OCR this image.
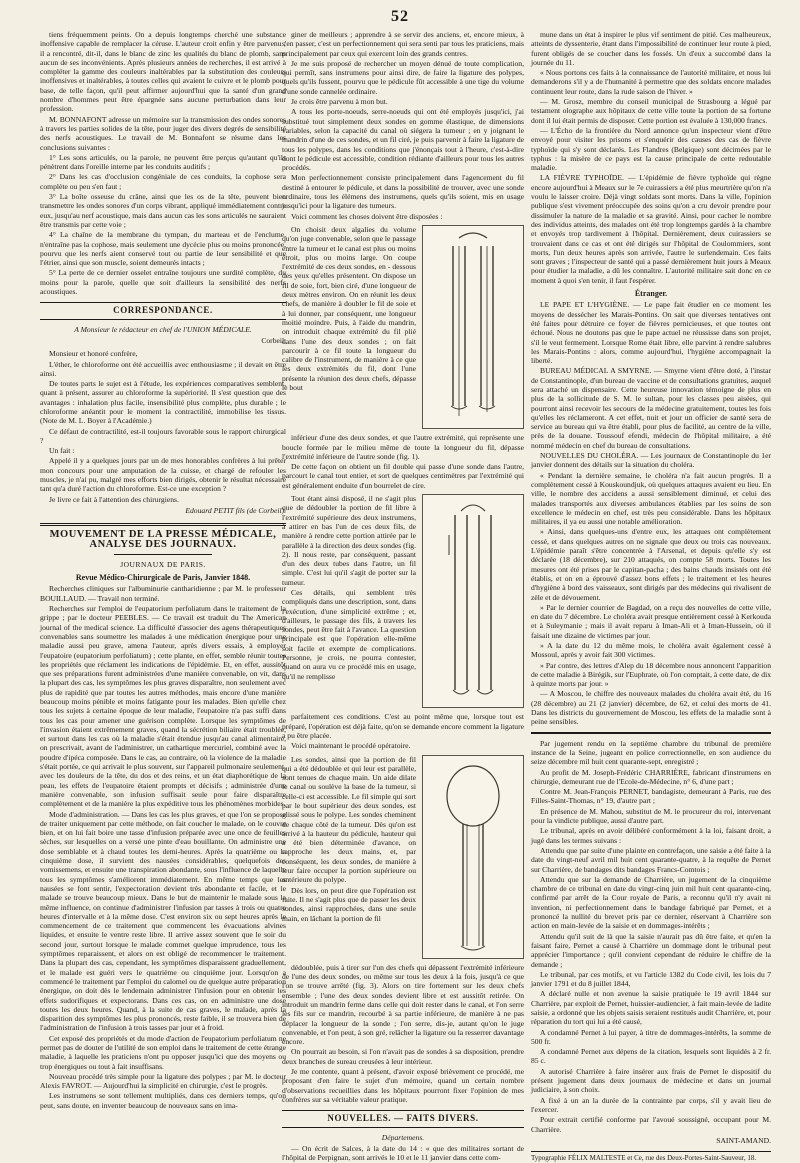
52

tiens fréquemment peints. On a depuis longtemps cherché une substance inoffensive capable de remplacer la céruse. L'auteur croit enfin y être parvenu ; il a rencontré, dit-il, dans le blanc de zinc les qualités du blanc de plomb, sans aucun de ses inconvénients. Après plusieurs années de recherches, il est arrivé à compléter la gamme des couleurs inaltérables par la substitution des couleurs inoffensives et inaltérables, à toutes celles qui avaient le cuivre et le plomb pour base, de telle façon, qu'il peut affirmer aujourd'hui que la santé d'un grand nombre d'hommes peut être épargnée sans aucune perturbation dans leur profession.

M. BONNAFONT adresse un mémoire sur la transmission des ondes sonores à travers les parties solides de la tête, pour juger des divers degrés de sensibilité des nerfs acoustiques. Le travail de M. Bonnafont se résume dans les conclusions suivantes :

1° Les sons articulés, ou la parole, ne peuvent être perçus qu'autant qu'ils pénètrent dans l'oreille interne par les conduits auditifs ;

2° Dans les cas d'occlusion congéniale de ces conduits, la cophose sera complète ou peu s'en faut ;

3° La boîte osseuse du crâne, ainsi que les os de la tête, peuvent bien transmettre les ondes sonores d'un corps vibrant, appliqué immédiatement contre eux, jusqu'au nerf acoustique, mais dans aucun cas les sons articulés ne sauraient être transmis par cette voie ;

4° La chaîne de la membrane du tympan, du marteau et de l'enclume, n'entraîne pas la cophose, mais seulement une dycécie plus ou moins prononcée, pourvu que les nerfs aient conservé tout ou partie de leur sensibilité et que l'étrier, ainsi que son muscle, soient demeurés intacts ;

5° La perte de ce dernier osselet entraîne toujours une surdité complète, du moins pour la parole, quelle que soit d'ailleurs la sensibilité des nerfs acoustiques.

CORRESPONDANCE.
A Monsieur le rédacteur en chef de l'UNION MÉDICALE.
Corbeil.

Monsieur et honoré confrère,

L'éther, le chloroforme ont été accueillis avec enthousiasme ; il devait en être ainsi.

De toutes parts le sujet est à l'étude, les expériences comparatives semblent, quant à présent, assurer au chloroforme la supériorité. Il s'est question que des avantages : inhalation plus facile, insensibilité plus complète, plus durable ; le chloroforme anéantit pour le moment la contractilité, immobilise les tissus. (Note de M. L. Boyer à l'Académie.)

Ce défaut de contractilité, est-il toujours favorable sous le rapport chirurgical ?

Un fait :

Appelé il y a quelques jours par un de mes honorables confrères à lui prêter mon concours pour une amputation de la cuisse, et chargé de refouler les muscles, je n'ai pu, malgré mes efforts bien dirigés, obtenir le résultat nécessaire tant qu'a duré l'action du chloroforme. Est-ce une exception ?

Je livre ce fait à l'attention des chirurgiens.

Edouard PETIT fils (de Corbeil).
MOUVEMENT DE LA PRESSE MÉDICALE, ANALYSE DES JOURNAUX.
JOURNAUX DE PARIS.
Revue Médico-Chirurgicale de Paris, Janvier 1848.

Recherches cliniques sur l'albuminurie cantharidienne ; par M. le professeur BOUILLAUD. — Travail non terminé.

Recherches sur l'emploi de l'eupatorium perfoliatum dans le traitement de la grippe ; par le docteur PEEBLES. — Ce travail est traduit du The American journal of the medical science. La difficulté d'associer des agens thérapeutiques convenables sans soumettre les malades à une médication énergique pour une maladie aussi peu grave, amena l'auteur, après divers essais, à employer l'eupatoire (eupatorium perfoliatum) ; cette plante, en effet, semble réunir toutes les propriétés que réclament les indications de l'épidémie. Et, en effet, aussitôt que ses préparations furent administrées d'une manière convenable, on vit, dans la plupart des cas, les symptômes les plus graves disparaître, non seulement avec plus de rapidité que par toutes les autres méthodes, mais encore d'une manière beaucoup moins pénible et moins fatigante pour les malades. Bien qu'elle chez tous les sujets à certaine époque de leur maladie, l'eupatoire n'a pas suffi dans tous les cas pour amener une guérison complète. Lorsque les symptômes de l'invasion étaient extrêmement graves, quand la sécrétion biliaire était troublée, et surtout dans les cas où la maladie s'était étendue jusqu'au canal alimentaire, on prescrivait, avant de l'administrer, un cathartique mercuriel, combiné avec la poudre d'ipéca composée. Dans le cas, au contraire, où la violence de la maladie s'était portée, ce qui arrivait le plus souvent, sur l'appareil pulmonaire seulement, avec les douleurs de la tête, du dos et des reins, et un état diaphorétique de la peau, les effets de l'eupatoire étaient prompts et décisifs ; administrée d'une manière convenable, son infusion suffisait seule pour faire disparaître complètement et de la manière la plus expéditive tous les phénomènes morbides.

Mode d'administration. — Dans les cas les plus graves, et que l'on se propose de traiter uniquement par cette méthode, on fait coucher le malade, on le couvre bien, et on lui fait boire une tasse d'infusion préparée avec une once de feuilles sèches, sur lesquelles on a versé une pinte d'eau bouillante. On administre une dose semblable et à chaud toutes les demi-heures. Après la quatrième ou la cinquième dose, il survient des nausées considérables, quelquefois des vomissemens, et ensuite une transpiration abondante, sous l'influence de laquelle tous les symptômes s'améliorent immédiatement. En même temps que les nausées se font sentir, l'expectoration devient très abondante et facile, et le malade se trouve beaucoup mieux. Dans le but de maintenir le malade sous la même influence, on continue d'administrer l'infusion par tasses à trois ou quatre heures d'intervalle et à la même dose. C'est environ six ou sept heures après le commencement de ce traitement que commencent les évacuations alvines liquides, et ensuite le ventre reste libre. Il arrive assez souvent que le soir du second jour, surtout lorsque le malade commet quelque imprudence, tous les symptômes reparaissent, et alors on est obligé de recommencer le traitement. Dans la plupart des cas, cependant, les symptômes disparaissent graduellement, et le malade est guéri vers le quatrième ou cinquième jour. Lorsqu'on a commencé le traitement par l'emploi du calomel ou de quelque autre préparation énergique, on doit dès le lendemain administrer l'infusion pour en obtenir les effets sudorifiques et expectorans. Dans ces cas, on en administre une dose toutes les deux heures. Quand, à la suite de cas graves, le malade, après la disparition des symptômes les plus prononcés, reste faible, il se trouvera bien de l'administration de l'infusion à trois tasses par jour et à froid.

Cet exposé des propriétés et du mode d'action de l'eupatorium perfoliatum ne permet pas de douter de l'utilité de son emploi dans le traitement de cette étrange maladie, à laquelle les praticiens n'ont pu opposer jusqu'ici que des moyens ou trop énergiques ou tout à fait insuffisans.

Nouveau procédé très simple pour la ligature des polypes ; par M. le docteur Alexis FAVROT. — Aujourd'hui la simplicité en chirurgie, c'est le progrès.

Les instrumens se sont tellement multipliés, dans ces derniers temps, qu'on peut, sans doute, en inventer beaucoup de nouveaux sans en ima-

giner de meilleurs ; apprendre à se servir des anciens, et, encore mieux, à s'en passer, c'est un perfectionnement qui sera senti par tous les praticiens, mais principalement par ceux qui exercent loin des grands centres.

Je me suis proposé de rechercher un moyen dénué de toute complication, qui permît, sans instrumens pour ainsi dire, de faire la ligature des polypes, quels qu'ils fussent, pourvu que le pédicule fût accessible à une tige du volume d'une sonde cannelée ordinaire.

Je crois être parvenu à mon but.

A tous les porte-noeuds, serre-noeuds qui ont été employés jusqu'ici, j'ai substitué tout simplement deux sondes en gomme élastique, de dimensions variables, selon la capacité du canal où siégera la tumeur ; en y joignant le mandrin d'une de ces sondes, et un fil ciré, je puis parvenir à faire la ligature de tous les polypes, dans les conditions que j'énonçais tout à l'heure, c'est-à-dire dont le pédicule est accessible, condition rédiante d'ailleurs pour tous les autres procédés.

Mon perfectionnement consiste principalement dans l'agencement du fil destiné à entourer le pédicule, et dans la possibilité de trouver, avec une sonde ordinaire, tous les élémens des instrumens, quels qu'ils soient, mis en usage jusqu'ici pour la ligature des tumeurs.

Voici comment les choses doivent être disposées :

On choisit deux algalies du volume qu'on juge convenable, selon que le passage entre la tumeur et le canal est plus ou moins étroit, plus ou moins large. On coupe l'extrémité de ces deux sondes, en - dessous des yeux qu'elles présentent. On dispose un fil de soie, fort, bien ciré, d'une longueur de deux mètres environ. On en réunit les deux chefs, de manière à doubler le fil de soie et à lui donner, par conséquent, une longueur moitié moindre. Puis, à l'aide du mandrin, on introduit chaque extrémité du fil plié dans l'une des deux sondes ; on fait parcourir à ce fil toute la longueur du calibre de l'instrument, de manière à ce que les deux extrémités du fil, dont l'une présente la réunion des deux chefs, dépasse le bout

inférieur d'une des deux sondes, et que l'autre extrémité, qui représente une boucle formée par le milieu même de toute la longueur du fil, dépasse l'extrémité inférieure de l'autre sonde (fig. 1).

De cette façon on obtient un fil double qui passe d'une sonde dans l'autre, parcourt le canal tout entier, et sort de quelques centimètres par l'extrémité qui est généralement enduite d'un bourrelet de cire.

Tout étant ainsi disposé, il ne s'agit plus que de dédoubler la portion de fil libre à l'extrémité supérieure des deux instrumens, à attirer en bas l'un de ces deux fils, de manière à rendre cette portion attirée par le parallèle à la direction des deux sondes (fig. 2). Il nous reste, par conséquent, passant d'un des deux tubes dans l'autre, un fil simple. C'est lui qu'il s'agit de porter sur la tumeur.

Ces détails, qui semblent très compliqués dans une description, sont, dans l'exécution, d'une simplicité extrême ; et, d'ailleurs, le passage des fils, à travers les sondes, peut être fait à l'avance. La question principale est que l'opération elle-même soit facile et exempte de complications. Personne, je crois, ne pourra contester, quand on aura vu ce procédé mis en usage, qu'il ne remplisse

parfaitement ces conditions. C'est au point même que, lorsque tout est préparé, l'opération est déjà faite, qu'on se demande encore comment la ligature a pu être placée.

Voici maintenant le procédé opératoire.

Les sondes, ainsi que la portion de fil qui a été dédoublée et qui leur est parallèle, sont tenues de chaque main. Un aide dilate le canal ou soulève la base de la tumeur, si celle-ci est accessible. Le fil simple qui sort par le bout supérieur des deux sondes, est glissé sous le polype. Les sondes cheminent de chaque côté de la tumeur. Dès qu'on est arrivé à la hauteur du pédicule, hauteur qui a été bien déterminée d'avance, on rapproche les deux mains, et, par conséquent, les deux sondes, de manière à leur faire occuper la portion supérieure ou antérieure du polype.

Dès lors, on peut dire que l'opération est faite. Il ne s'agit plus que de passer les deux sondes, ainsi rapprochées, dans une seule main, en lâchant la portion de fil

dédoublée, puis à tirer sur l'un des chefs qui dépassent l'extrémité inférieure de l'une des deux sondes, ou même sur tous les deux à la fois, jusqu'à ce que l'on se trouve arrêté (fig. 3). Alors on tire fortement sur les deux chefs ensemble ; l'une des deux sondes devient libre et est aussitôt retirée. On introduit un mandrin ferme dans celle qui doit rester dans le canal, et l'on serre les fils sur ce mandrin, recourbé à sa partie inférieure, de manière à ne pas déplacer la longueur de la sonde ; l'on serre, dis-je, autant qu'on le juge convenable, et l'on peut, à son gré, relâcher la ligature ou la resserrer davantage encore.

On pourrait au besoin, si l'on n'avait pas de sondes à sa disposition, prendre deux branches de sureau creusées à leur intérieur.

Je me contente, quant à présent, d'avoir exposé brièvement ce procédé, me proposant d'en faire le sujet d'un mémoire, quand un certain nombre d'observations recueillies dans les hôpitaux pourront fixer l'opinion de mes confrères sur sa véritable valeur pratique.

NOUVELLES. — FAITS DIVERS.
Départemens.

— On écrit de Salces, à la date du 14 : « que des militaires sortant de l'hôpital de Perpignan, sont arrivés le 10 et le 11 janvier dans cette com-

mune dans un état à inspirer le plus vif sentiment de pitié. Ces malheureux, atteints de dyssenterie, étant dans l'impossibilité de continuer leur route à pied, furent obligés de se coucher dans les fossés. Un d'eux a succombé dans la journée du 11.

« Nous portons ces faits à la connaissance de l'autorité militaire, et nous lui demanderons s'il y a de l'humanité à permettre que des soldats encore malades continuent leur route, dans la rude saison de l'hiver. »

— M. Grosz, membre du conseil municipal de Strasbourg a légué par testament olographe aux hôpitaux de cette ville toute la portion de sa fortune dont il lui était permis de disposer. Cette portion est évaluée à 130,000 francs.

— L'Écho de la frontière du Nord annonce qu'un inspecteur vient d'être envoyé pour visiter les prisons et s'enquérir des causes des cas de fièvre typhoïde qui s'y sont déclarés. Les Flandres (Belgique) sont décimées par le typhus : la misère de ce pays est la cause principale de cette redoutable maladie.

LA FIÈVRE TYPHOÏDE. — L'épidémie de fièvre typhoïde qui règne encore aujourd'hui à Meaux sur le 7e cuirassiers a été plus meurtrière qu'on n'a voulu le laisser croire. Déjà vingt soldats sont morts. Dans la ville, l'opinion publique s'est vivement préoccupée des soins qu'on a cru devoir prendre pour dissimuler la nature de la maladie et sa gravité. Ainsi, pour cacher le nombre des individus atteints, des malades ont été trop longtemps gardés à la chambre et envoyés trop tardivement à l'hôpital. Dernièrement, deux cuirassiers se trouvaient dans ce cas et ont été dirigés sur l'hôpital de Coulommiers, sont morts, l'un deux heures après son arrivée, l'autre le surlendemain. Ces faits sont graves ; l'inspecteur de santé qui a passé dernièrement huit jours à Meaux pour étudier la maladie, a dû les connaître. L'autorité militaire sait donc en ce moment à quoi s'en tenir, il faut l'espérer.

Étranger.

LE PAPE ET L'HYGIÈNE. — Le pape fait étudier en ce moment les moyens de dessécher les Marais-Pontins. On sait que diverses tentatives ont été faites pour détruire ce foyer de fièvres pernicieuses, et que toutes ont échoué. Nous ne doutons pas que le pape actuel ne réussisse dans son projet, s'il le veut fermement. Lorsque Rome était libre, elle parvint à rendre salubres les Marais-Pontins : alors, comme aujourd'hui, l'hygiène accompagnait la liberté.

BUREAU MÉDICAL A SMYRNE. — Smyrne vient d'être doté, à l'instar de Constantinople, d'un bureau de vaccine et de consultations gratuites, auquel sera attaché un dispensaire. Cette heureuse innovation témoigne de plus en plus de la sollicitude de S. M. le sultan, pour les classes peu aisées, qui pourront ainsi recevoir les secours de la médecine gratuitement, toutes les fois qu'elles les réclameront. A cet effet, nuit et jour un officier de santé sera de service au bureau qui va être établi, pour plus de facilité, au centre de la ville, près de la douane. Toussouf efendi, médecin de l'hôpital militaire, a été nommé médecin en chef du bureau de consultations.

NOUVELLES DU CHOLÉRA. — Les journaux de Constantinople du 1er janvier donnent des détails sur la situation du choléra.

« Pendant la dernière semaine, le choléra n'a fait aucun progrès. Il a complètement cessé à Kouskoundjuk, où quelques attaques avaient eu lieu. En ville, le nombre des accidens a aussi sensiblement diminué, et celui des malades transportés aux diverses ambulances établies par les soins de son excellence le médecin en chef, est très peu considérable. Dans les hôpitaux militaires, il ya eu aussi une notable amélioration.

» Ainsi, dans quelques-uns d'entre eux, les attaques ont complètement cessé, et dans quelques autres on ne signale que deux ou trois cas nouveaux. L'épidémie paraît s'être concentrée à l'Arsenal, et depuis qu'elle s'y est déclarée (18 décembre), sur 210 attaqués, on compte 58 morts. Toutes les mesures ont été prises par le capitan-pacha ; des bains chauds insistés ont été établis, et on en a éprouvé d'assez bons effets ; le traitement et les heures d'hygiène à bord des vaisseaux, sont dirigés par des médecins qui rivalisent de zèle et de dévouement.

» Par le dernier courrier de Bagdad, on a reçu des nouvelles de cette ville, en date du 7 décembre. Le choléra avait presque entièrement cessé à Kerkouda et à Suleymanie ; mais il avait reparu à Iman-Ali et à Iman-Hussein, où il faisait une dizaine de victimes par jour.

» A la date du 12 du même mois, le choléra avait également cessé à Mossoul, après y avoir fait 300 victimes.

» Par contre, des lettres d'Alep du 18 décembre nous annoncent l'apparition de cette maladie à Birégik, sur l'Euphrate, où l'on comptait, à cette date, de dix à quinze morts par jour. »

— A Moscou, le chiffre des nouveaux malades du choléra avait été, du 16 (28 décembre) au 21 (2 janvier) décembre, de 62, et celui des morts de 41. Dans les districts du gouvernement de Moscou, les effets de la maladie sont à peine sensibles.

Par jugement rendu en la septième chambre du tribunal de première instance de la Seine, jugeant en police correctionnelle, en son audience du seize décembre mil huit cent quarante-sept, enregistré ;

Au profit de M. Joseph-Frédéric CHARRIÈRE, fabricant d'instrumens en chirurgie, demeurant rue de l'Ecole-de-Médecine, n° 6, d'une part ;

Contre M. Jean-François PERNET, bandagiste, demeurant à Paris, rue des Filles-Saint-Thomas, n° 19, d'autre part ;

En présence de M. Mahou, substitut de M. le procureur du roi, intervenant pour la vindicte publique, aussi d'autre part.

Le tribunal, après en avoir délibéré conformément à la loi, faisant droit, a jugé dans les termes suivans :

Attendu que par suite d'une plainte en contrefaçon, une saisie a été faite à la date du vingt-neuf avril mil huit cent quarante-quatre, à la requête de Pernet sur Charrière, de bandages dits bandages Francs-Comtois ;

Attendu que sur la demande de Charrière, un jugement de la cinquième chambre de ce tribunal en date du vingt-cinq juin mil huit cent quarante-cinq, confirmé par arrêt de la Cour royale de Paris, a reconnu qu'il n'y avait ni invention, ni perfectionnement dans le bandage fabriqué par Pernet, et a prononcé la nullité du brevet pris par ce dernier, réservant à Charrière son action en main-levée de la saisie et en dommages-intérêts ;

Attendu qu'il suit de là que la saisie n'aurait pas dû être faite, et qu'en la faisant faire, Pernet a causé à Charrière un dommage dont le tribunal peut apprécier l'importance ; qu'il convient cependant de réduire le chiffre de la demande ;

Le tribunal, par ces motifs, et vu l'article 1382 du Code civil, les lois du 7 janvier 1791 et du 8 juillet 1844,

A déclaré nulle et non avenue la saisie pratiquée le 19 avril 1844 sur Charrière, par exploit de Pernet, huissier-audiencier, à fait main-levée de ladite saisie, a ordonné que les objets saisis seraient restitués audit Charrière, et, pour réparation du tort qui lui a été causé,

A condamné Pernet à lui payer, à titre de dommages-intérêts, la somme de 500 fr.

A condamné Pernet aux dépens de la citation, lesquels sont liquidés à 2 fr. 85 c.

A autorisé Charrière à faire insérer aux frais de Pernet le dispositif du présent jugement dans deux journaux de médecine et dans un journal judiciaire, à son choix.

A fixé à un an la durée de la contrainte par corps, s'il y avait lieu de l'exercer.

Pour extrait certifié conforme par l'avoué soussigné, occupant pour M. Charrière.

SAINT-AMAND.
Typographie FÉLIX MALTESTE et Ce, rue des Deux-Portes-Saint-Sauveur, 18.
